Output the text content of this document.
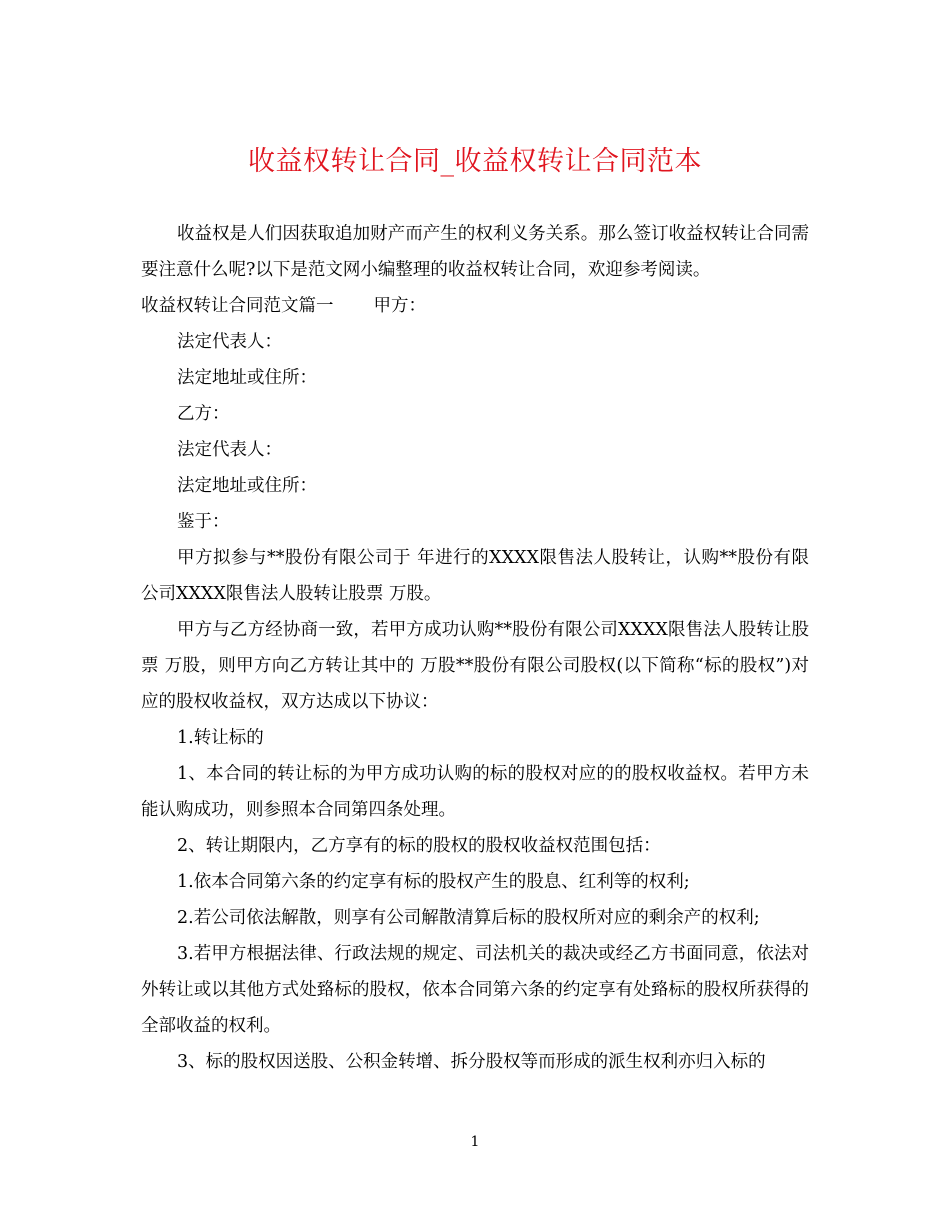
收益权转让合同_收益权转让合同范本

收益权是人们因获取追加财产而产生的权利义务关系。那么签订收益权转让合同需要注意什么呢?以下是范文网小编整理的收益权转让合同，欢迎参考阅读。

收益权转让合同范文篇一 甲方：

法定代表人：

法定地址或住所：

乙方：

法定代表人：

法定地址或住所：

鉴于：

甲方拟参与**股份有限公司于 年进行的XXXX限售法人股转让，认购**股份有限公司XXXX限售法人股转让股票 万股。

甲方与乙方经协商一致，若甲方成功认购**股份有限公司XXXX限售法人股转让股票 万股，则甲方向乙方转让其中的 万股**股份有限公司股权(以下简称“标的股权”)对应的股权收益权，双方达成以下协议：

1.转让标的

1、本合同的转让标的为甲方成功认购的标的股权对应的的股权收益权。若甲方未能认购成功，则参照本合同第四条处理。

2、转让期限内，乙方享有的标的股权的股权收益权范围包括：

1.依本合同第六条的约定享有标的股权产生的股息、红利等的权利;

2.若公司依法解散，则享有公司解散清算后标的股权所对应的剩余产的权利;

3.若甲方根据法律、行政法规的规定、司法机关的裁决或经乙方书面同意，依法对外转让或以其他方式处臵标的股权，依本合同第六条的约定享有处臵标的股权所获得的全部收益的权利。

3、标的股权因送股、公积金转增、拆分股权等而形成的派生权利亦归入标的

1
